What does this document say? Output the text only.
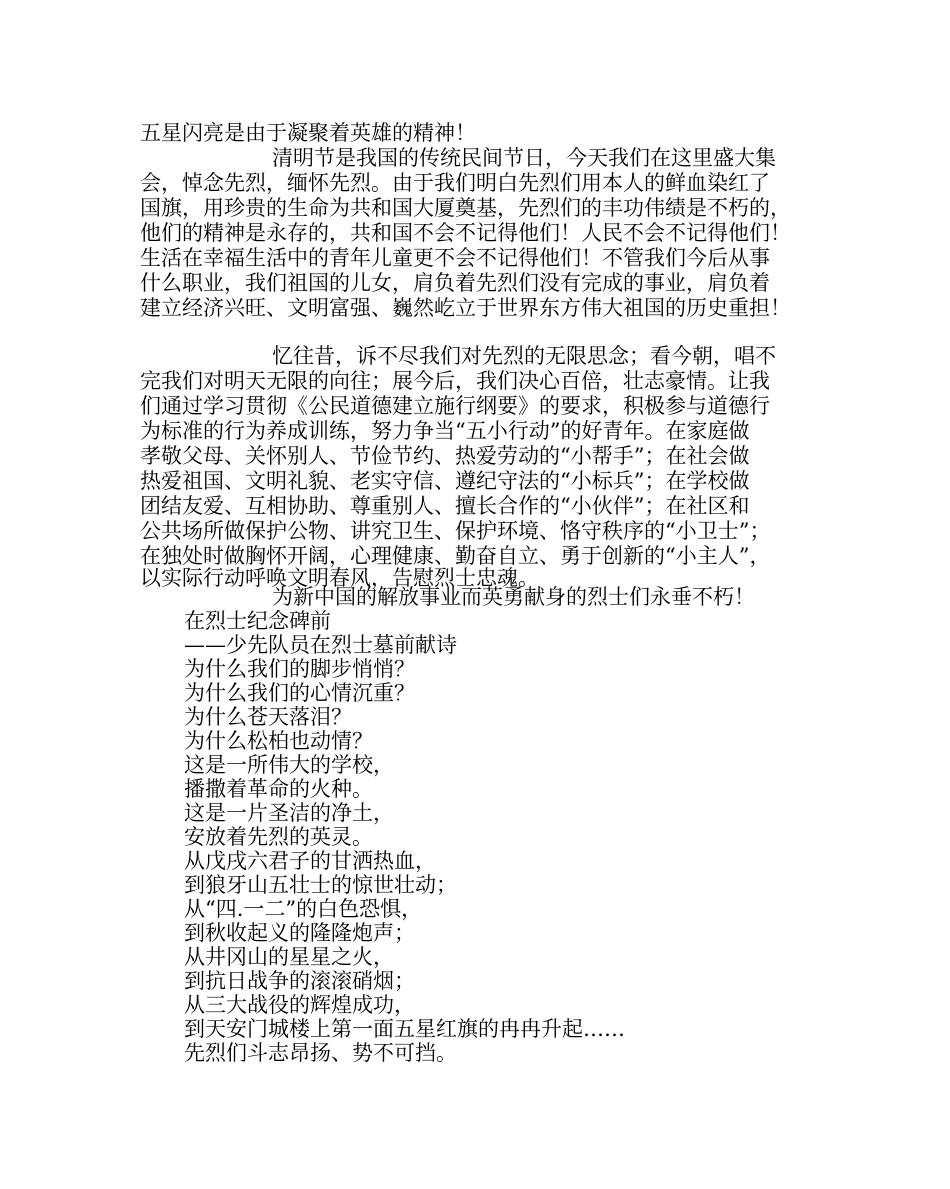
五星闪亮是由于凝聚着英雄的精神！
清明节是我国的传统民间节日，今天我们在这里盛大集
会，悼念先烈，缅怀先烈。由于我们明白先烈们用本人的鲜血染红了
国旗，用珍贵的生命为共和国大厦奠基，先烈们的丰功伟绩是不朽的，
他们的精神是永存的，共和国不会不记得他们！人民不会不记得他们！
生活在幸福生活中的青年儿童更不会不记得他们！不管我们今后从事
什么职业，我们祖国的儿女，肩负着先烈们没有完成的事业，肩负着
建立经济兴旺、文明富强、巍然屹立于世界东方伟大祖国的历史重担！
忆往昔，诉不尽我们对先烈的无限思念；看今朝，唱不
完我们对明天无限的向往；展今后，我们决心百倍，壮志豪情。让我
们通过学习贯彻《公民道德建立施行纲要》的要求，积极参与道德行
为标准的行为养成训练，努力争当“五小行动”的好青年。在家庭做
孝敬父母、关怀别人、节俭节约、热爱劳动的“小帮手”；在社会做
热爱祖国、文明礼貌、老实守信、遵纪守法的“小标兵”；在学校做
团结友爱、互相协助、尊重别人、擅长合作的“小伙伴”；在社区和
公共场所做保护公物、讲究卫生、保护环境、恪守秩序的“小卫士”；
在独处时做胸怀开阔，心理健康、勤奋自立、勇于创新的“小主人”，
以实际行动呼唤文明春风，告慰烈士忠魂。
为新中国的解放事业而英勇献身的烈士们永垂不朽！
在烈士纪念碑前
——少先队员在烈士墓前献诗
为什么我们的脚步悄悄？
为什么我们的心情沉重？
为什么苍天落泪？
为什么松柏也动情？
这是一所伟大的学校，
播撒着革命的火种。
这是一片圣洁的净土，
安放着先烈的英灵。
从戊戌六君子的甘洒热血，
到狼牙山五壮士的惊世壮动；
从“四.一二”的白色恐惧，
到秋收起义的隆隆炮声；
从井冈山的星星之火，
到抗日战争的滚滚硝烟；
从三大战役的辉煌成功，
到天安门城楼上第一面五星红旗的冉冉升起……
先烈们斗志昂扬、势不可挡。
